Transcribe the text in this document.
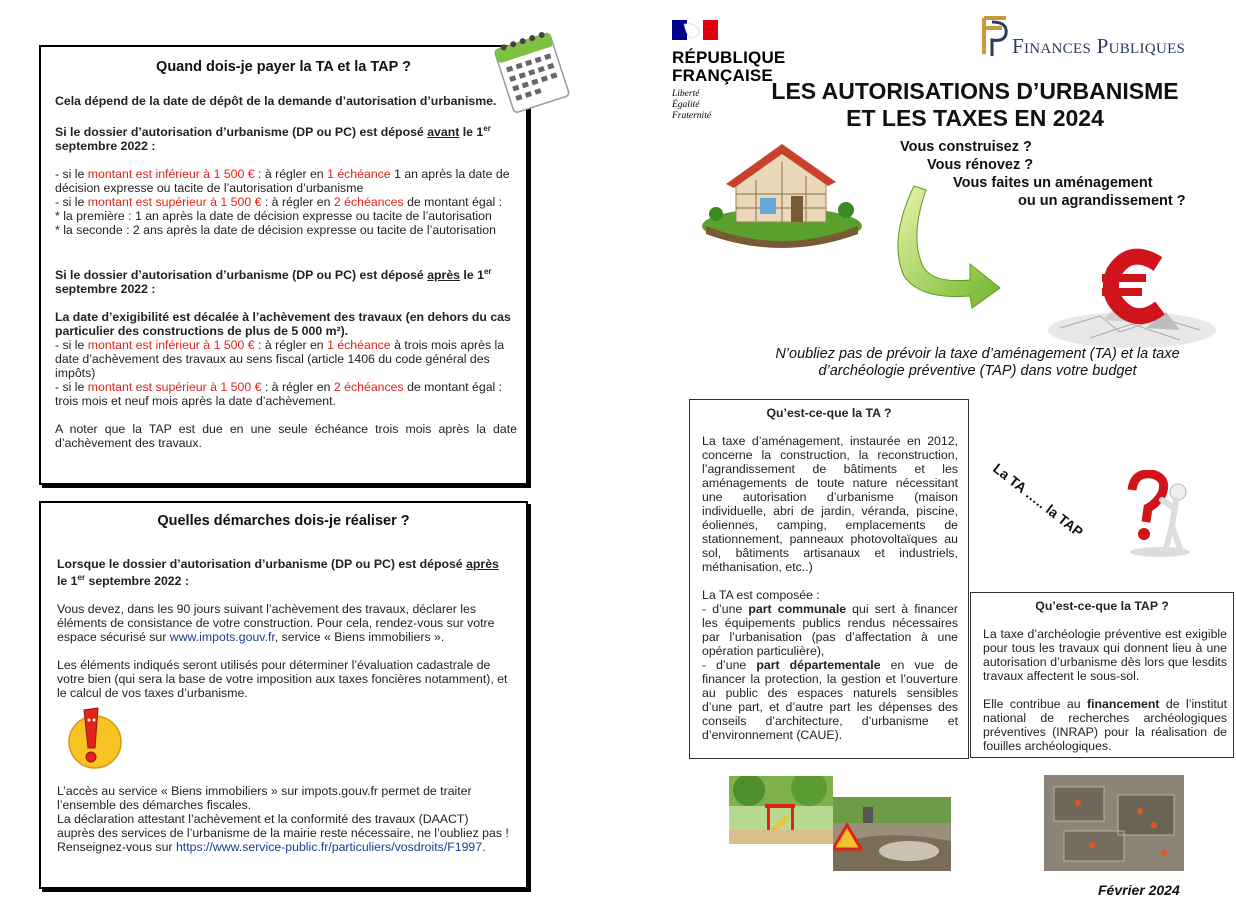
Quand dois-je payer la TA et la TAP ?

Cela dépend de la date de dépôt de la demande d’autorisation d’urbanisme.

Si le dossier d’autorisation d’urbanisme (DP ou PC) est déposé avant le 1er
septembre 2022 :

- si le montant est inférieur à 1 500 € : à régler en 1 échéance 1 an après la date de décision expresse ou tacite de l’autorisation d’urbanisme

- si le montant est supérieur à 1 500 € : à régler en 2 échéances de montant égal :

* la première : 1 an après la date de décision expresse ou tacite de l’autorisation

* la seconde : 2 ans après la date de décision expresse ou tacite de l’autorisation

Si le dossier d’autorisation d’urbanisme (DP ou PC) est déposé après le 1er
septembre 2022 :

La date d’exigibilité est décalée à l’achèvement des travaux (en dehors du cas particulier des constructions de plus de 5 000 m²).

- si le montant est inférieur à 1 500 € : à régler en 1 échéance à trois mois après la date d’achèvement des travaux au sens fiscal (article 1406 du code général des impôts)

- si le montant est supérieur à 1 500 € : à régler en 2 échéances de montant égal : trois mois et neuf mois après la date d’achèvement.

A noter que la TAP est due en une seule échéance trois mois après la date d’achèvement des travaux.

Quelles démarches dois-je réaliser ?

Lorsque le dossier d’autorisation d’urbanisme (DP ou PC) est déposé après
le 1er septembre 2022 :

Vous devez, dans les 90 jours suivant l’achèvement des travaux, déclarer les éléments de consistance de votre construction. Pour cela, rendez-vous sur votre espace sécurisé sur www.impots.gouv.fr, service « Biens immobiliers ».

Les éléments indiqués seront utilisés pour déterminer l’évaluation cadastrale de votre bien (qui sera la base de votre imposition aux taxes foncières notamment), et le calcul de vos taxes d’urbanisme.

L’accès au service « Biens immobiliers » sur impots.gouv.fr permet de traiter l’ensemble des démarches fiscales.

La déclaration attestant l’achèvement et la conformité des travaux (DAACT) auprès des services de l’urbanisme de la mairie reste nécessaire, ne l’oubliez pas !

Renseignez-vous sur https://www.service-public.fr/particuliers/vosdroits/F1997.

RÉPUBLIQUE
FRANÇAISE
Liberté
Égalité
Fraternité
Finances Publiques
LES AUTORISATIONS D’URBANISME
ET LES TAXES EN 2024
Vous construisez ?
Vous rénovez ?
Vous faites un aménagement
ou un agrandissement ?
N’oubliez pas de prévoir la taxe d’aménagement (TA) et la taxe d’archéologie préventive (TAP) dans votre budget
Qu’est-ce-que la TA ?

La taxe d’aménagement, instaurée en 2012, concerne la construction, la reconstruction, l’agrandissement de bâtiments et les aménagements de toute nature nécessitant une autorisation d’urbanisme (maison individuelle, abri de jardin, véranda, piscine, éoliennes, camping, emplacements de stationnement, panneaux photovoltaïques au sol, bâtiments artisanaux et industriels, méthanisation, etc..)

La TA est composée :

- d’une part communale qui sert à financer les équipements publics rendus nécessaires par l’urbanisation (pas d’affectation à une opération particulière),

- d’une part départementale en vue de financer la protection, la gestion et l’ouverture au public des espaces naturels sensibles d’une part, et d’autre part les dépenses des conseils d’architecture, d’urbanisme et d’environnement (CAUE).

La TA ….. la TAP
Qu’est-ce-que la TAP ?

La taxe d’archéologie préventive est exigible pour tous les travaux qui donnent lieu à une autorisation d’urbanisme dès lors que lesdits travaux affectent le sous-sol.

Elle contribue au financement de l’institut national de recherches archéologiques préventives (INRAP) pour la réalisation de fouilles archéologiques.

Février 2024
